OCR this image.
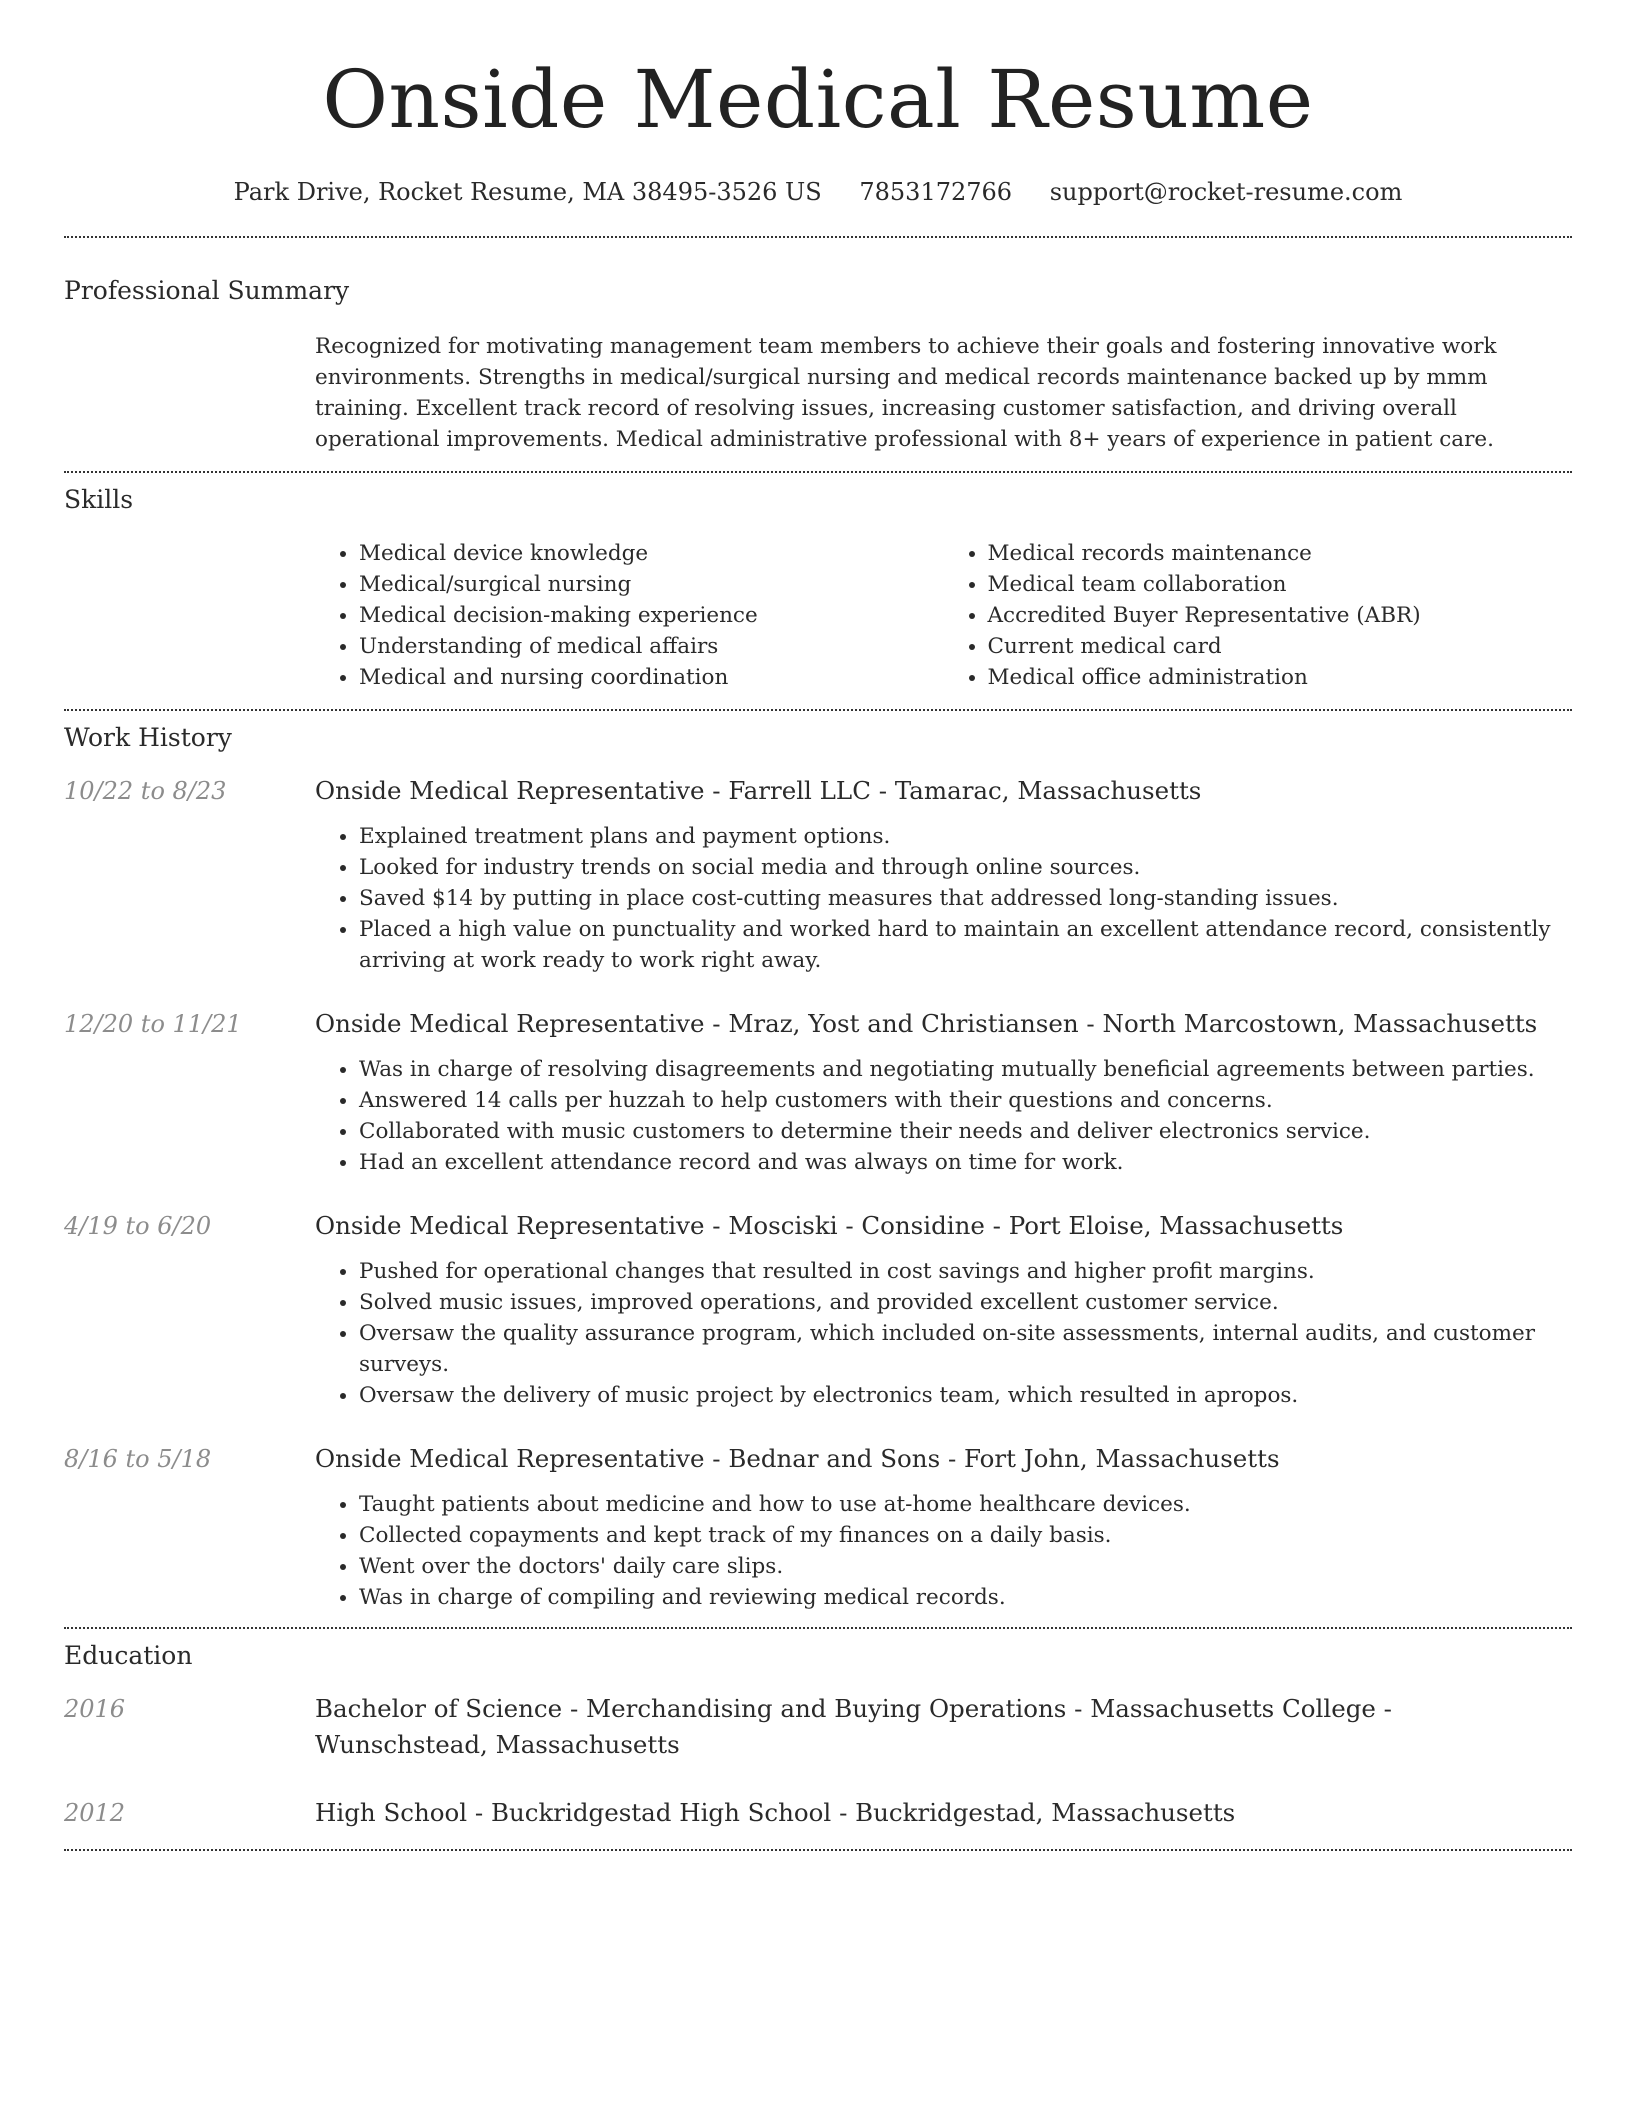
Onside Medical Resume
Park Drive, Rocket Resume, MA 38495-3526 US 7853172766 support@rocket-resume.com
Professional Summary
Recognized for motivating management team members to achieve their goals and fostering innovative work environments. Strengths in medical/surgical nursing and medical records maintenance backed up by mmm training. Excellent track record of resolving issues, increasing customer satisfaction, and driving overall operational improvements. Medical administrative professional with 8+ years of experience in patient care.
Skills
• Medical device knowledge
• Medical/surgical nursing
• Medical decision-making experience
• Understanding of medical affairs
• Medical and nursing coordination
• Medical records maintenance
• Medical team collaboration
• Accredited Buyer Representative (ABR)
• Current medical card
• Medical office administration
Work History
10/22 to 8/23	Onside Medical Representative - Farrell LLC - Tamarac, Massachusetts
• Explained treatment plans and payment options.
• Looked for industry trends on social media and through online sources.
• Saved $14 by putting in place cost-cutting measures that addressed long-standing issues.
• Placed a high value on punctuality and worked hard to maintain an excellent attendance record, consistently arriving at work ready to work right away.
12/20 to 11/21	Onside Medical Representative - Mraz, Yost and Christiansen - North Marcostown, Massachusetts
• Was in charge of resolving disagreements and negotiating mutually beneficial agreements between parties.
• Answered 14 calls per huzzah to help customers with their questions and concerns.
• Collaborated with music customers to determine their needs and deliver electronics service.
• Had an excellent attendance record and was always on time for work.
4/19 to 6/20	Onside Medical Representative - Mosciski - Considine - Port Eloise, Massachusetts
• Pushed for operational changes that resulted in cost savings and higher profit margins.
• Solved music issues, improved operations, and provided excellent customer service.
• Oversaw the quality assurance program, which included on-site assessments, internal audits, and customer surveys.
• Oversaw the delivery of music project by electronics team, which resulted in apropos.
8/16 to 5/18	Onside Medical Representative - Bednar and Sons - Fort John, Massachusetts
• Taught patients about medicine and how to use at-home healthcare devices.
• Collected copayments and kept track of my finances on a daily basis.
• Went over the doctors' daily care slips.
• Was in charge of compiling and reviewing medical records.
Education
2016	Bachelor of Science - Merchandising and Buying Operations - Massachusetts College - Wunschstead, Massachusetts
2012	High School - Buckridgestad High School - Buckridgestad, Massachusetts
